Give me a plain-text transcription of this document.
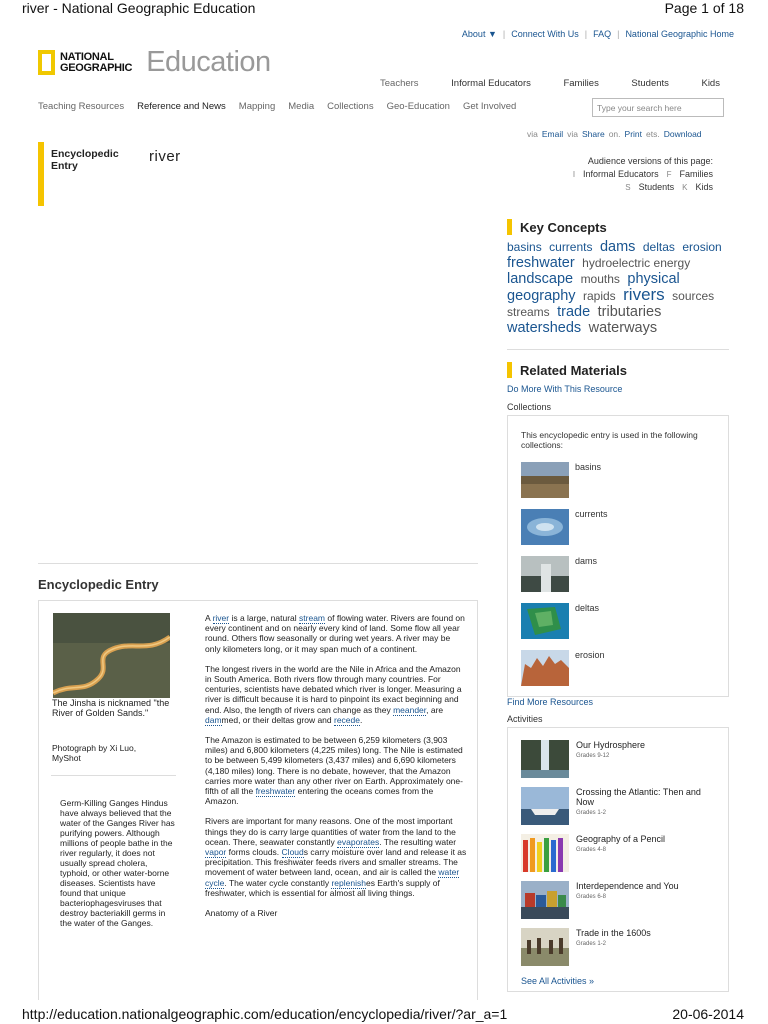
river - National Geographic Education	Page 1 of 18
About ▼ | Connect With Us | FAQ | National Geographic Home
NATIONAL
GEOGRAPHIC Education
Teachers	Informal Educators	Families	Students	Kids
Teaching Resources Reference and News Mapping Media Collections Geo-Education Get Involved	Type your search here
via Email via Share on. Print ets. Download
Encyclopedic Entry
river	Audience versions of this page:
I Informal Educators F Families
S Students K Kids
Key Concepts
basins currents dams deltas erosion freshwater hydroelectric energy landscape mouths physical geography rapids rivers sources streams trade tributaries watersheds waterways
Related Materials
Do More With This Resource
Collections
This encyclopedic entry is used in the following collections:
basins
currents
dams
deltas
erosion
Find More Resources
Activities
Our Hydrosphere
Grades 9-12
Crossing the Atlantic: Then and Now
Grades 1-2
Geography of a Pencil
Grades 4-8
Interdependence and You
Grades 6-8
Trade in the 1600s
Grades 1-2
See All Activities »
Encyclopedic Entry
The Jinsha is nicknamed "the River of Golden Sands."
Photograph by Xi Luo, MyShot
Germ-Killing Ganges Hindus have always believed that the water of the Ganges River has purifying powers. Although millions of people bathe in the river regularly, it does not usually spread cholera, typhoid, or other water-borne diseases. Scientists have found that unique bacteriophagesviruses that destroy bacteriakill germs in the water of the Ganges.

A river is a large, natural stream of flowing water. Rivers are found on every continent and on nearly every kind of land. Some flow all year round. Others flow seasonally or during wet years. A river may be only kilometers long, or it may span much of a continent.

The longest rivers in the world are the Nile in Africa and the Amazon in South America. Both rivers flow through many countries. For centuries, scientists have debated which river is longer. Measuring a river is difficult because it is hard to pinpoint its exact beginning and end. Also, the length of rivers can change as they meander, are dammed, or their deltas grow and recede.

The Amazon is estimated to be between 6,259 kilometers (3,903 miles) and 6,800 kilometers (4,225 miles) long. The Nile is estimated to be between 5,499 kilometers (3,437 miles) and 6,690 kilometers (4,180 miles) long. There is no debate, however, that the Amazon carries more water than any other river on Earth. Approximately one-fifth of all the freshwater entering the oceans comes from the Amazon.

Rivers are important for many reasons. One of the most important things they do is carry large quantities of water from the land to the ocean. There, seawater constantly evaporates. The resulting water vapor forms clouds. Clouds carry moisture over land and release it as precipitation. This freshwater feeds rivers and smaller streams. The movement of water between land, ocean, and air is called the water cycle. The water cycle constantly replenishes Earth's supply of freshwater, which is essential for almost all living things.

Anatomy of a River

http://education.nationalgeographic.com/education/encyclopedia/river/?ar_a=1	20-06-2014
